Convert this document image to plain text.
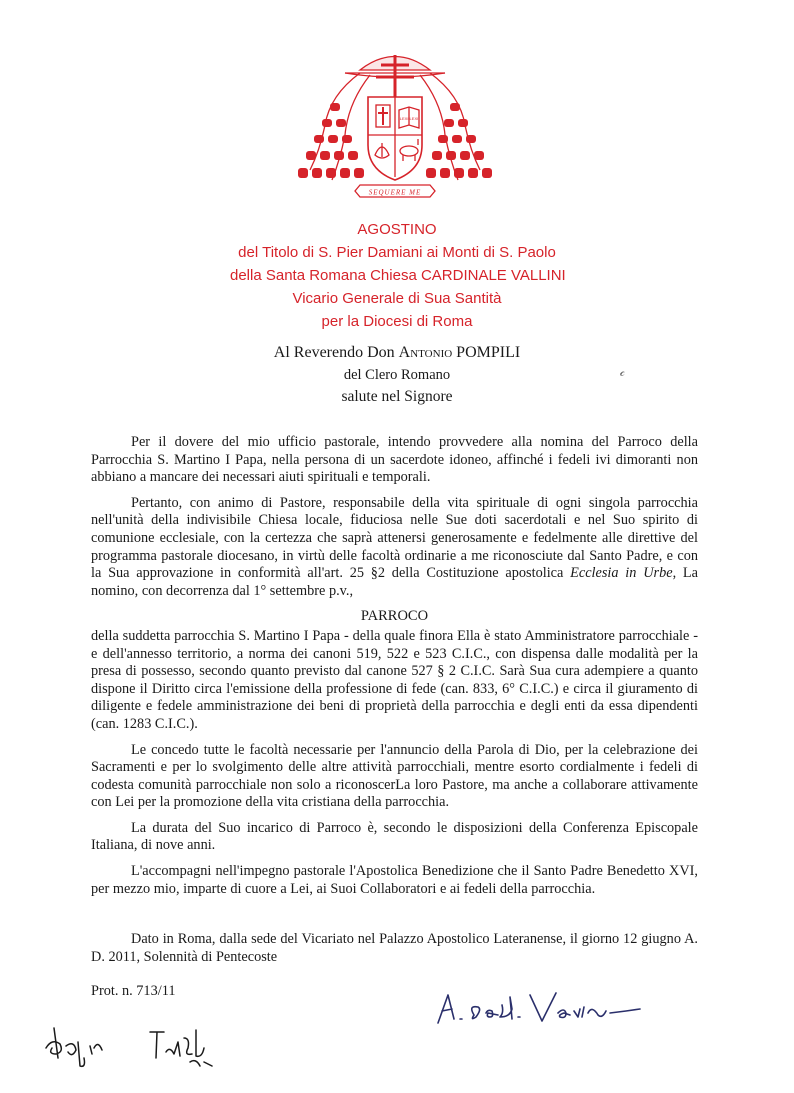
SEQUERE ME
LEXI LEXI
AGOSTINO
del Titolo di S. Pier Damiani ai Monti di S. Paolo
della Santa Romana Chiesa CARDINALE VALLINI
Vicario Generale di Sua Santità
per la Diocesi di Roma
Al Reverendo Don Antonio POMPILI
del Clero Romano
salute nel Signore

Per il dovere del mio ufficio pastorale, intendo provvedere alla nomina del Parroco della Parrocchia S. Martino I Papa, nella persona di un sacerdote idoneo, affinché i fedeli ivi dimoranti non abbiano a mancare dei necessari aiuti spirituali e temporali.

Pertanto, con animo di Pastore, responsabile della vita spirituale di ogni singola parrocchia nell'unità della indivisibile Chiesa locale, fiduciosa nelle Sue doti sacerdotali e nel Suo spirito di comunione ecclesiale, con la certezza che saprà attenersi generosamente e fedelmente alle direttive del programma pastorale diocesano, in virtù delle facoltà ordinarie a me riconosciute dal Santo Padre, e con la Sua approvazione in conformità all'art. 25 §2 della Costituzione apostolica Ecclesia in Urbe, La nomino, con decorrenza dal 1° settembre p.v.,

PARROCO

della suddetta parrocchia S. Martino I Papa - della quale finora Ella è stato Amministratore parrocchiale - e dell'annesso territorio, a norma dei canoni 519, 522 e 523 C.I.C., con dispensa dalle modalità per la presa di possesso, secondo quanto previsto dal canone 527 § 2 C.I.C. Sarà Sua cura adempiere a quanto dispone il Diritto circa l'emissione della professione di fede (can. 833, 6° C.I.C.) e circa il giuramento di diligente e fedele amministrazione dei beni di proprietà della parrocchia e degli enti da essa dipendenti (can. 1283 C.I.C.).

Le concedo tutte le facoltà necessarie per l'annuncio della Parola di Dio, per la celebrazione dei Sacramenti e per lo svolgimento delle altre attività parrocchiali, mentre esorto cordialmente i fedeli di codesta comunità parrocchiale non solo a riconoscerLa loro Pastore, ma anche a collaborare attivamente con Lei per la promozione della vita cristiana della parrocchia.

La durata del Suo incarico di Parroco è, secondo le disposizioni della Conferenza Episcopale Italiana, di nove anni.

L'accompagni nell'impegno pastorale l'Apostolica Benedizione che il Santo Padre Benedetto XVI, per mezzo mio, imparte di cuore a Lei, ai Suoi Collaboratori e ai fedeli della parrocchia.

Dato in Roma, dalla sede del Vicariato nel Palazzo Apostolico Lateranense, il giorno 12 giugno A. D. 2011, Solennità di Pentecoste

Prot. n. 713/11
𝒸
